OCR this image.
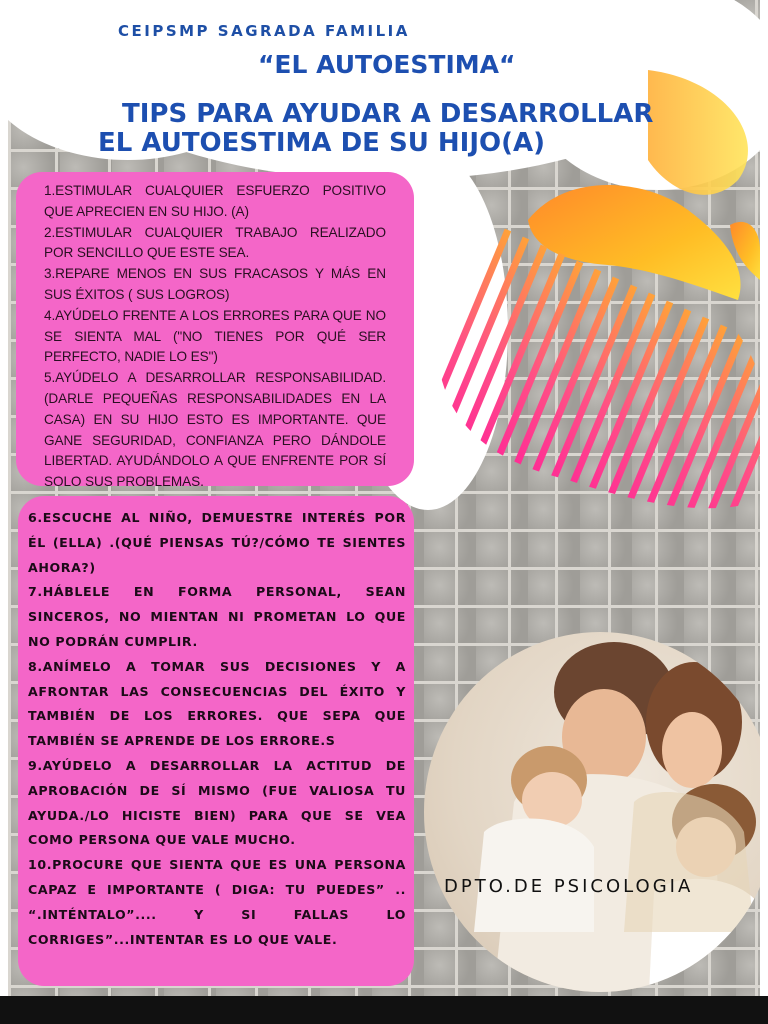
CEIPSMP SAGRADA FAMILIA
“EL AUTOESTIMA“
TIPS PARA AYUDAR A DESARROLLAR
EL AUTOESTIMA DE SU HIJO(A)

1.ESTIMULAR CUALQUIER ESFUERZO POSITIVO QUE APRECIEN EN SU HIJO. (A)

2.ESTIMULAR CUALQUIER TRABAJO REALIZADO POR SENCILLO QUE ESTE SEA.

3.REPARE MENOS EN SUS FRACASOS Y MÁS EN SUS ÉXITOS ( SUS LOGROS)

4.AYÚDELO FRENTE A LOS ERRORES PARA QUE NO SE SIENTA MAL ("NO TIENES POR QUÉ SER PERFECTO, NADIE LO ES")

5.AYÚDELO A DESARROLLAR RESPONSABILIDAD. (DARLE PEQUEÑAS RESPONSABILIDADES EN LA CASA) EN SU HIJO ESTO ES IMPORTANTE. QUE GANE SEGURIDAD, CONFIANZA PERO DÁNDOLE LIBERTAD. AYUDÁNDOLO A QUE ENFRENTE POR SÍ SOLO SUS PROBLEMAS.

6.ESCUCHE AL NIÑO, DEMUESTRE INTERÉS POR ÉL (ELLA) .(QUÉ PIENSAS TÚ?/CÓMO TE SIENTES AHORA?)

7.HÁBLELE EN FORMA PERSONAL, SEAN SINCEROS, NO MIENTAN NI PROMETAN LO QUE NO PODRÁN CUMPLIR.

8.ANÍMELO A TOMAR SUS DECISIONES Y A AFRONTAR LAS CONSECUENCIAS DEL ÉXITO Y TAMBIÉN DE LOS ERRORES. QUE SEPA QUE TAMBIÉN SE APRENDE DE LOS ERRORE.S

9.AYÚDELO A DESARROLLAR LA ACTITUD DE APROBACIÓN DE SÍ MISMO (FUE VALIOSA TU AYUDA./LO HICISTE BIEN) PARA QUE SE VEA COMO PERSONA QUE VALE MUCHO.

10.PROCURE QUE SIENTA QUE ES UNA PERSONA CAPAZ E IMPORTANTE ( DIGA: TU PUEDES” .. “.INTÉNTALO”.... Y SI FALLAS LO CORRIGES”...INTENTAR ES LO QUE VALE.

DPTO.DE PSICOLOGIA
